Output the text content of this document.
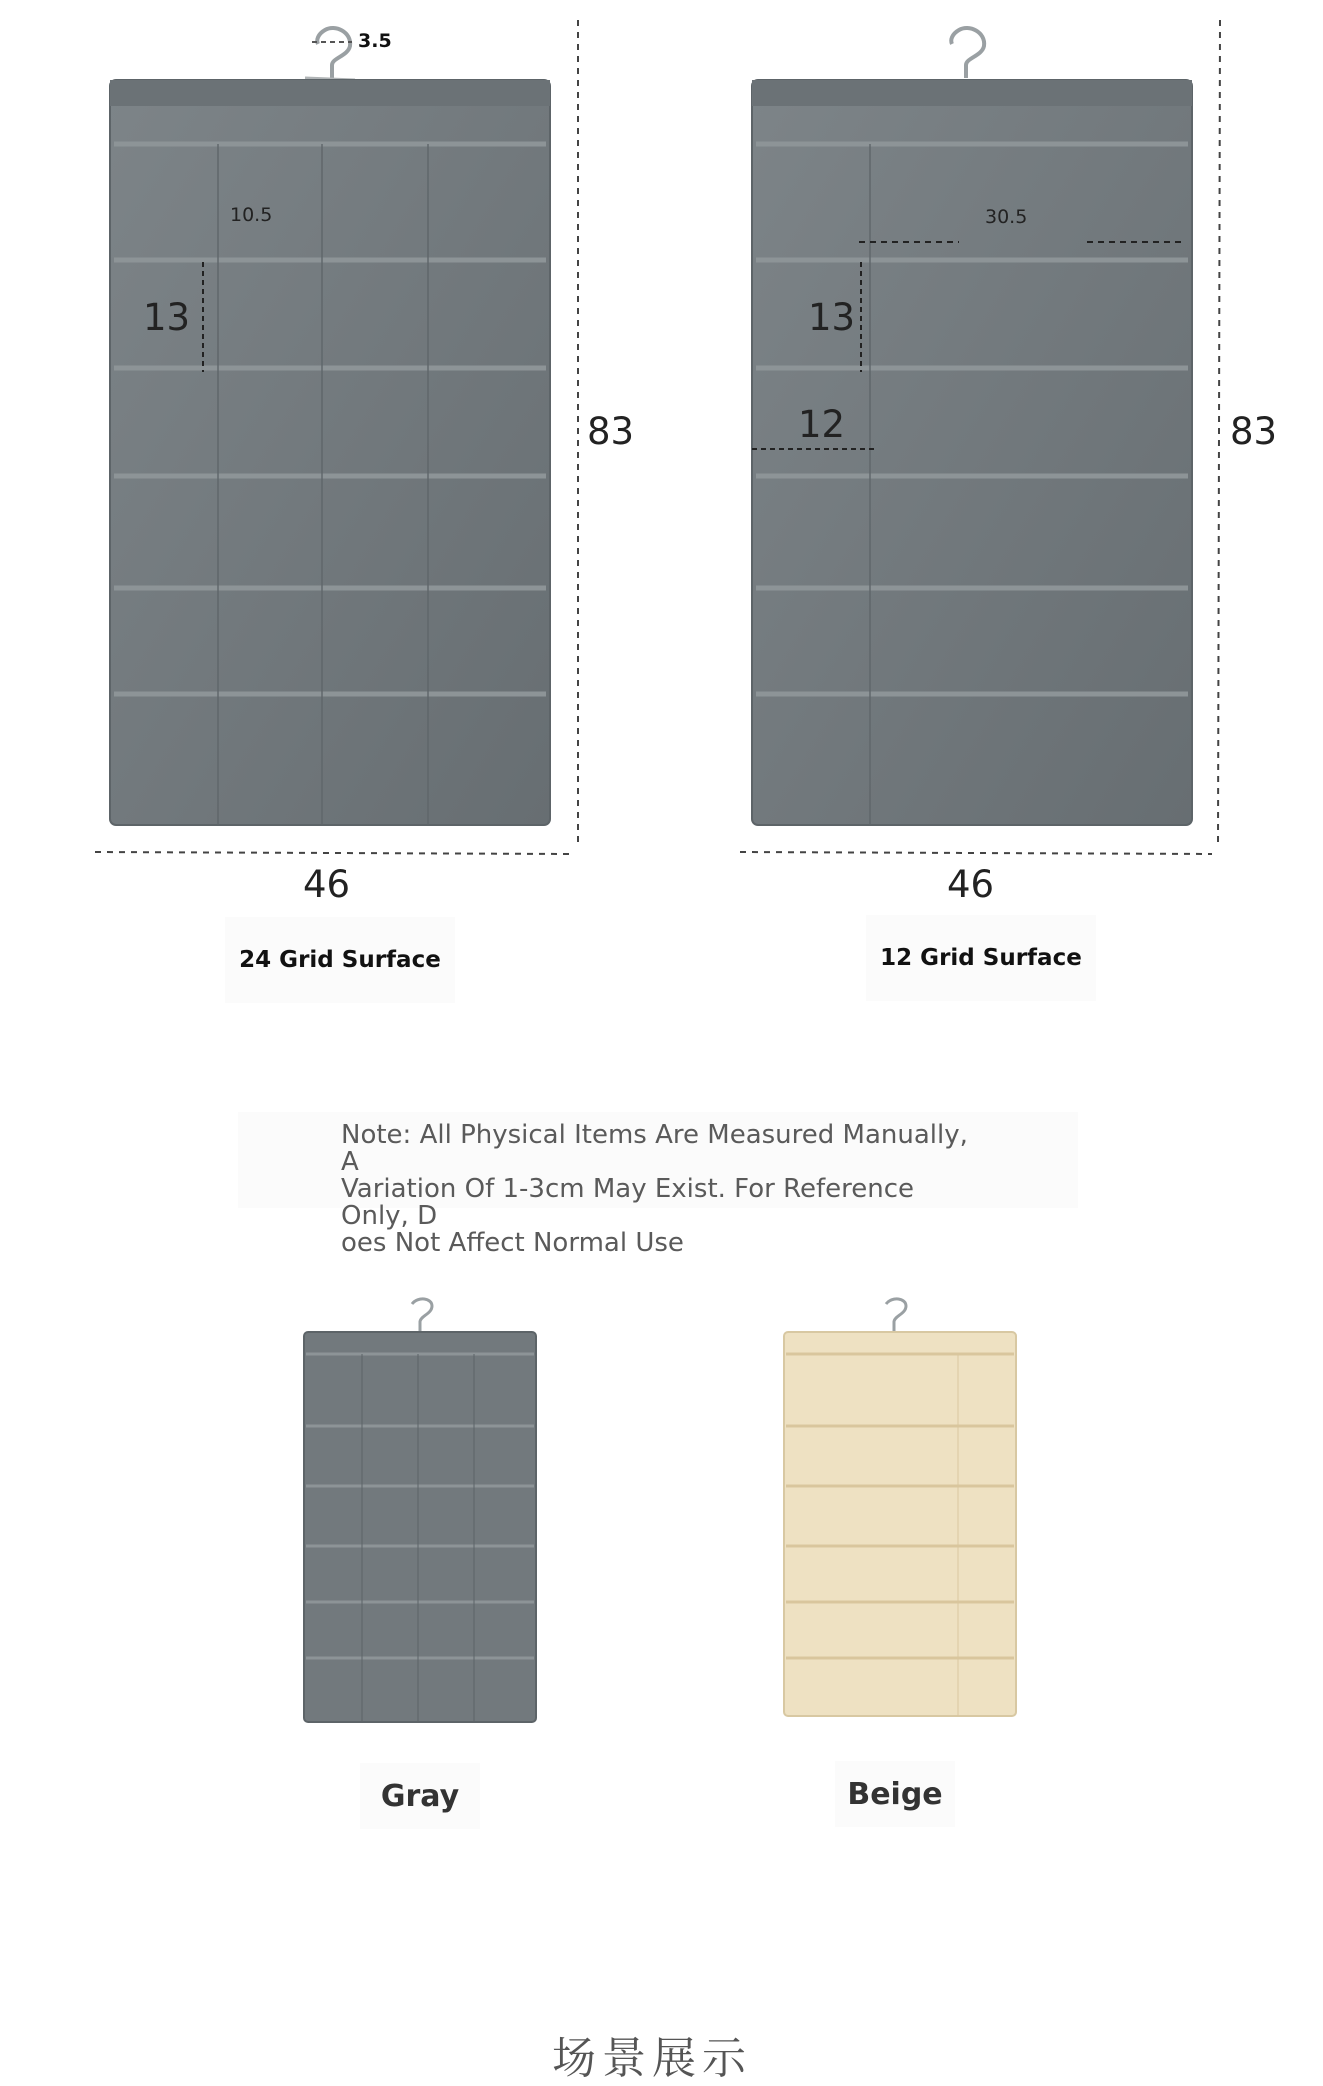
3.5
10.5
13
83
46
24 Grid Surface
30.5
13
12	83
46
12 Grid Surface
Note: All Physical Items Are Measured Manually, A
Variation Of 1-3cm May Exist. For Reference Only, D
oes Not Affect Normal Use
Gray	Beige
场景展示
